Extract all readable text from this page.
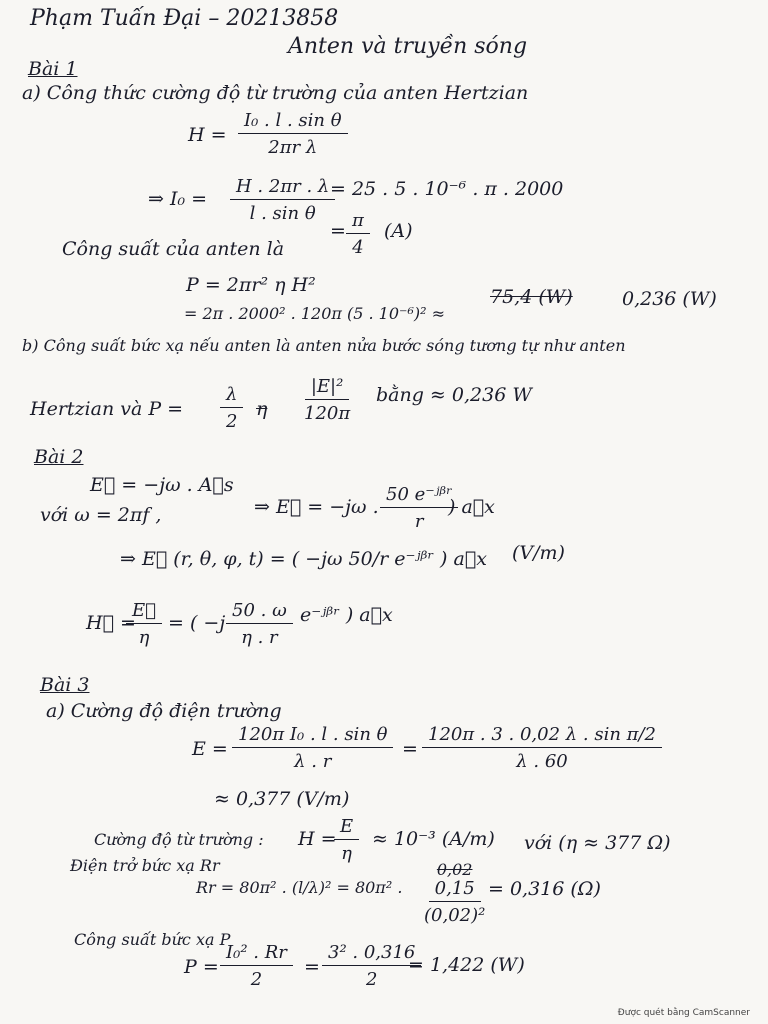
Phạm Tuấn Đại – 20213858
Anten và truyền sóng
Bài 1
a) Công thức cường độ từ trường của anten Hertzian
$H = \frac{\text{I₀ . l . sin θ}}{\text{2πr λ}}$
⇒ $I_0 = \frac{H . 2\pi r . \lambda}{\text{l . sin θ}}$
= 25 . 5 . 10⁻⁶ . π . 2000
= $\frac{\pi}{4} (A)$
Công suất của anten là
P = 2πr² η H²
= 2π . 2000² . 120π (5 . 10⁻⁶)² ≈
75,4 (W)	0,236 (W)
b) Công suất bức xạ nếu anten là anten nửa bước sóng tương tự như anten
Hertzian và $P = \frac{\lambda}{2}$ η $\frac{\text{|E|²}}{120\pi}$ bằng ≈ 0,236 W
Bài 2
E⃗ = −jω . A⃗s
với ω = 2πf ,	⇒ E⃗ = −jω .
50 e⁻ʲᵝʳ
r
) a⃗x
⇒ E⃗ (r, θ, φ, t) = ( −jω 50/r e⁻ʲᵝʳ ) a⃗x (V/m)
H⃗ =
$\frac{E⃗}{\eta}$ = ( $-j \frac{50 . \omega}{\eta . r}$ e⁻ʲᵝʳ ) a⃗x
Bài 3
a) Cường độ điện trường
$E = \frac{\text{120π I₀ . l . sin θ}}{\lambda . r} = \frac{\text{120π . 3 . 0,02 λ . sin π/2}}{\lambda . 60}$
≈ 0,377 (V/m)
Cường độ từ trường : H =
$\frac{E}{\eta} \approx 10^{-3}$ (A/m) với (η ≈ 377 Ω)
Điện trở bức xạ Rr
Rr = 80π² . (l/λ)² = 80π² .
0,02
0,15
(0,02)²
= 0,316 (Ω)
Công suất bức xạ P
$P = \frac{\text{I₀² . Rr}}{2} = \frac{\text{3² . 0,316}}{2}$
= 1,422 (W)
Được quét bằng CamScanner
